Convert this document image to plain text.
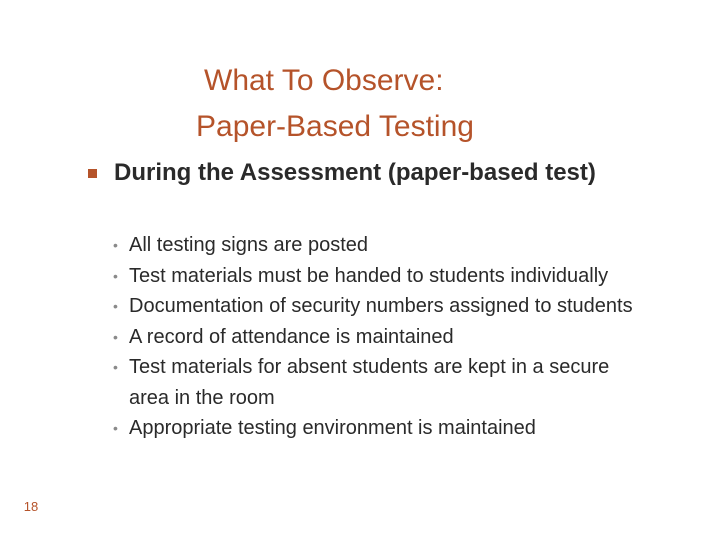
What To Observe:
Paper-Based Testing
During the Assessment (paper-based test)
• All testing signs are posted
• Test materials must be handed to students individually
• Documentation of security numbers assigned to students
• A record of attendance is maintained
• Test materials for absent students are kept in a secure area in the room
• Appropriate testing environment is maintained
18
